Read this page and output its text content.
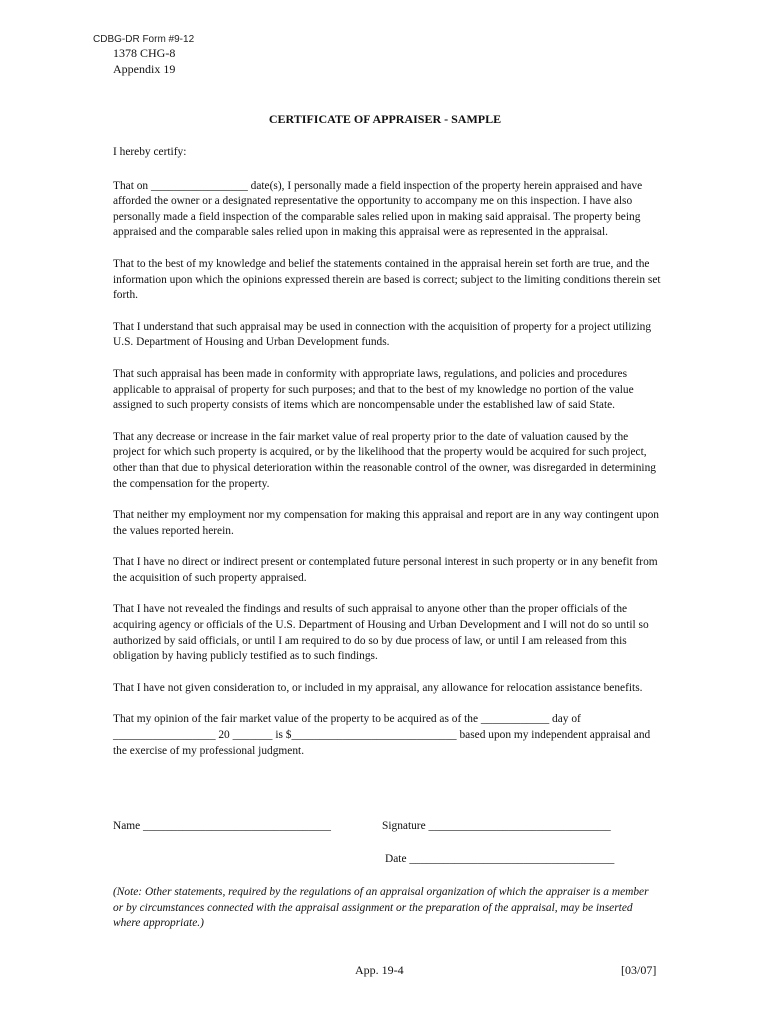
CDBG-DR Form #9-12
1378 CHG-8
Appendix 19
CERTIFICATE OF APPRAISER - SAMPLE

I hereby certify:

That on _________________ date(s), I personally made a field inspection of the property herein appraised and have afforded the owner or a designated representative the opportunity to accompany me on this inspection. I have also personally made a field inspection of the comparable sales relied upon in making said appraisal. The property being appraised and the comparable sales relied upon in making this appraisal were as represented in the appraisal.

That to the best of my knowledge and belief the statements contained in the appraisal herein set forth are true, and the information upon which the opinions expressed therein are based is correct; subject to the limiting conditions therein set forth.

That I understand that such appraisal may be used in connection with the acquisition of property for a project utilizing U.S. Department of Housing and Urban Development funds.

That such appraisal has been made in conformity with appropriate laws, regulations, and policies and procedures applicable to appraisal of property for such purposes; and that to the best of my knowledge no portion of the value assigned to such property consists of items which are noncompensable under the established law of said State.

That any decrease or increase in the fair market value of real property prior to the date of valuation caused by the project for which such property is acquired, or by the likelihood that the property would be acquired for such project, other than that due to physical deterioration within the reasonable control of the owner, was disregarded in determining the compensation for the property.

That neither my employment nor my compensation for making this appraisal and report are in any way contingent upon the values reported herein.

That I have no direct or indirect present or contemplated future personal interest in such property or in any benefit from the acquisition of such property appraised.

That I have not revealed the findings and results of such appraisal to anyone other than the proper officials of the acquiring agency or officials of the U.S. Department of Housing and Urban Development and I will not do so until so authorized by said officials, or until I am required to do so by due process of law, or until I am released from this obligation by having publicly testified as to such findings.

That I have not given consideration to, or included in my appraisal, any allowance for relocation assistance benefits.

That my opinion of the fair market value of the property to be acquired as of the ____________ day of __________________ 20 _______ is $_____________________________ based upon my independent appraisal and the exercise of my professional judgment.

Name _________________________________	Signature ________________________________
Date ____________________________________
(Note: Other statements, required by the regulations of an appraisal organization of which the appraiser is a member or by circumstances connected with the appraisal assignment or the preparation of the appraisal, may be inserted where appropriate.)
App. 19-4	[03/07]
